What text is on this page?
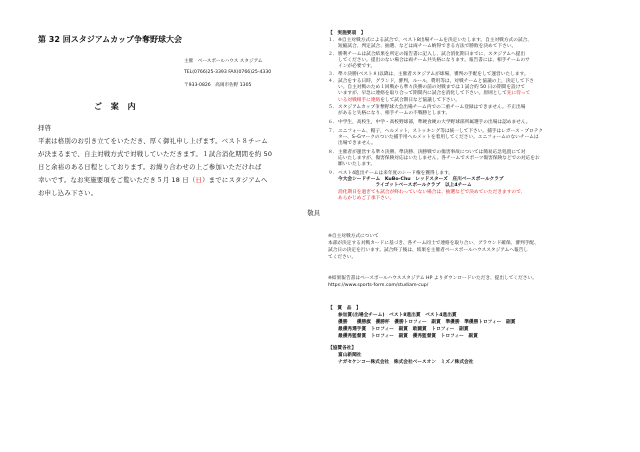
第 32 回スタジアムカップ争奪野球大会
主催　ベースボールハウス スタジアム
TEL(0766)25-3393 FAX(0766)25-4330
〒933-0826　高岡市佐野 1305
ご 案 内
拝啓
平素は格別のお引き立てをいただき、厚く御礼申し上げます。ベスト８チーム
が決まるまで、自主対戦方式で対戦していただきます。１試合消化期間を約 50
日と余裕のある日程としております。お繰り合わせの上ご参加いただければ
幸いです。なお実施要項をご覧いただき５月 18 日（日）までにスタジアムへ
お申し込み下さい。
敬具
【　実施要項　】
１． ※自主対戦方式による試合で、ベスト8出場チームを決定いたします。自主対戦方式の試合、
短縮試合、判定試合、抽選、などは両チーム納得できる方法で勝敗を決めて下さい。
２． 勝利チームは試合結果を所定の報告書に記入し、試合消化期日までに、スタジアムへ提出
してください。提出のない場合は両チーム共失格になります。報告書には、相手チームのサ
インが必要です。
３． 準々決勝(ベスト８)以降は、主催者スタジアムが球場、審判の手配をして運営いたします。
４． 試合をする日時，グランド，審判，ルール，費用等は，対戦チームと協議の上，決定して下さ
い。自主対戦のため１回戦から準々決勝の前の対戦までは１試合約 50 日の期間を設けて
いますが、早急に連絡を取り合って期間内に試合を消化して下さい。原則として先に待って
いる対戦相手に連絡をして試合期日など協議して下さい。
５． スタジアムカップ争奪野球大会出場チーム内での二重チーム登録はできません。不正出場
があると失格になり、相手チームの不戦勝とします。
６． 中学生，高校生，中学・高校野球部，準硬食硬の大学野球部所属選手の出場は認めません。
７． ユニフォーム、帽子，ヘルメット，ストッキング等は統一して下さい。捕手はレガース・プロテク
ター、S･Gマークのついた捕手用ヘルメットを着用してください。ユニフォームのないチームは
出場できません。
８． 主催者が運営する準々決勝、準決勝、決勝戦での傷害事故については簡易応急処置にて対
応いたしますが、傷害保険対応はいたしません。各チームでスポーツ傷害保険などでの対応をお
願いいたします。
９． ベスト4進出チームは来年度のシード権を獲得します。
今大会シードチーム　KuBo-Chu　レッドスターズ　庄川ベースボールクラブ
　　　　　　　　ライゴットベースボールクラブ　以上4チーム
消化期日を過ぎても試合が終わっていない場合は、抽選などで決めていただきますので、
あらかじめご了承下さい。
※自主対戦方式について
本部が決定する対戦カードに基づき、各チーム同士で連絡を取り合い、グラウンド確保、審判手配、
試合日の決定を行います。試合終了後は、結果を主催者ベースボールハウススタジアムへ報告し
てください。
※結果報告書はベースボールハウススタジアム HP よりダウンロードいただき、提出してください。
https://www.sports-form.com/studiam-cup/
【　賞　品　】
参加賞(出場全チーム)　ベスト8進出賞　ベスト4進出賞
優勝　　優勝旗　優勝杯　優勝トロフィー　副賞　準優勝　準優勝トロフィー　副賞
最優秀選手賞　トロフィー　副賞　敢闘賞　トロフィー　副賞
最優秀監督賞　トロフィー　副賞　優秀監督賞　トロフィー　副賞
【協賛各社】
富山新聞社
ナガセケンコー株式会社　株式会社ベースオン　ミズノ株式会社
